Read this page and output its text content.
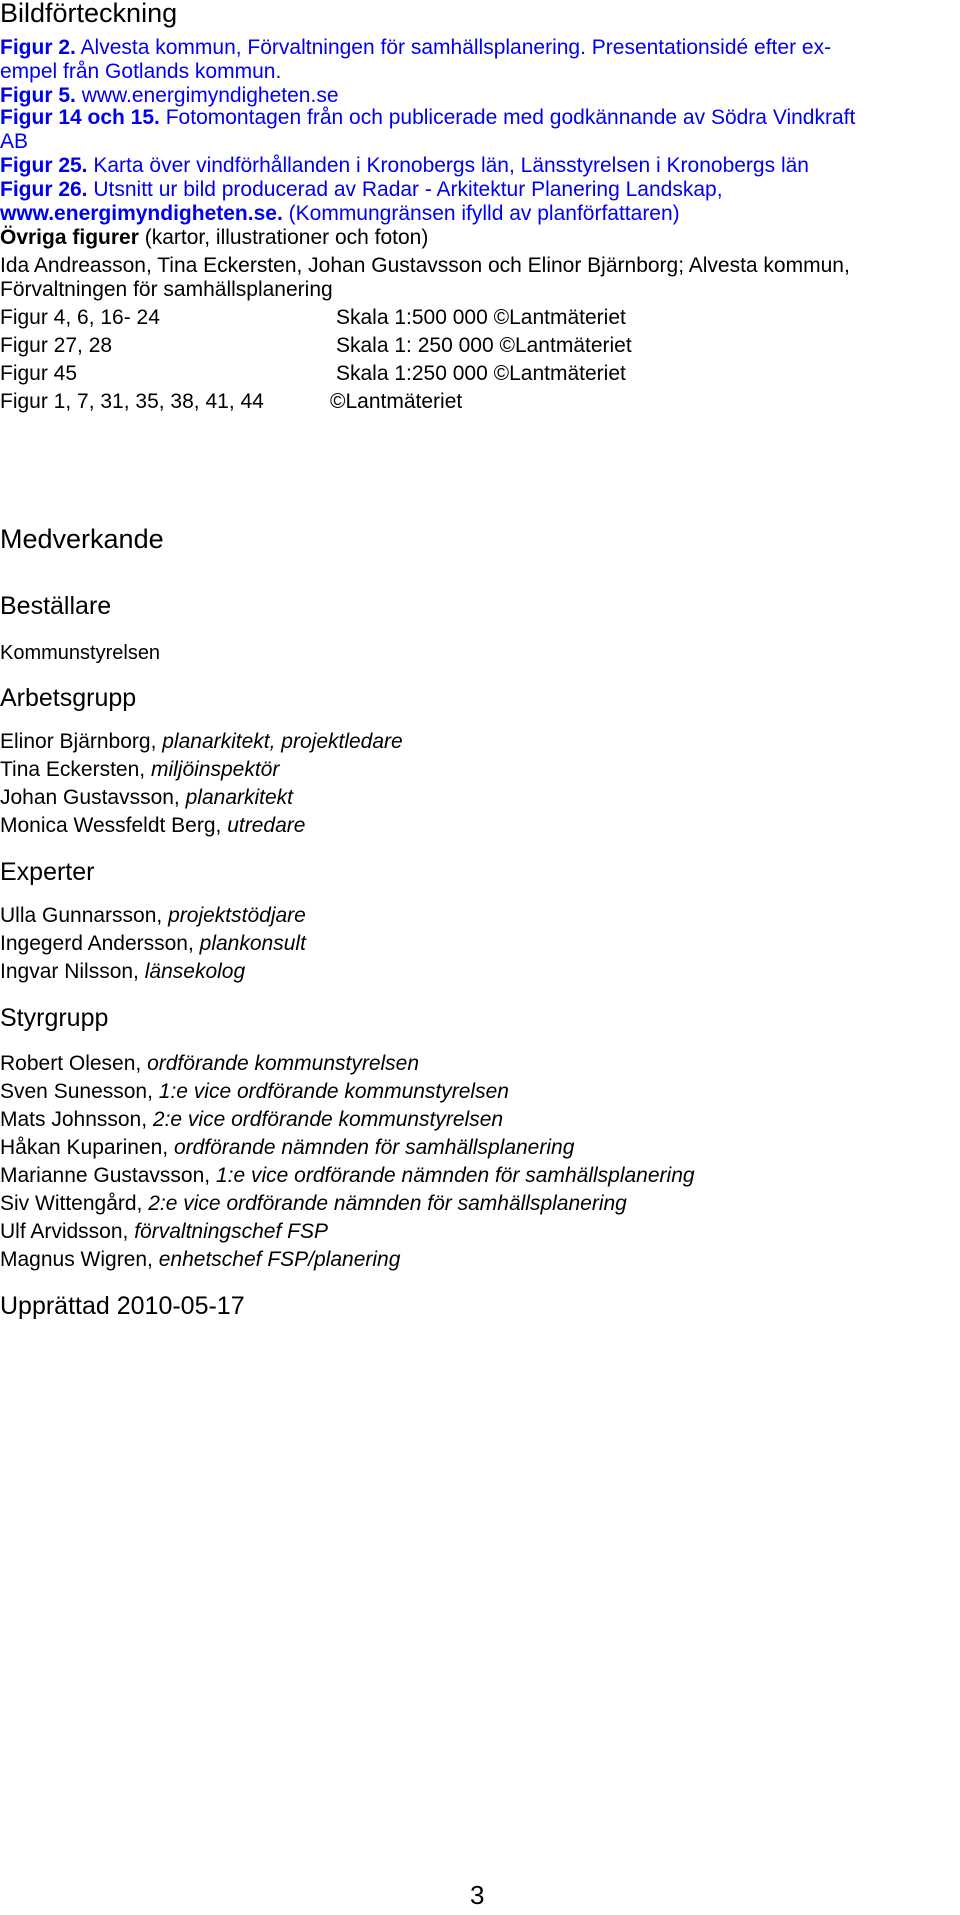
Bildförteckning
Figur 2. Alvesta kommun, Förvaltningen för samhällsplanering. Presentationsidé efter ex-
empel från Gotlands kommun.
Figur 5. www.energimyndigheten.se
Figur 14 och 15. Fotomontagen från och publicerade med godkännande av Södra Vindkraft
AB
Figur 25. Karta över vindförhållanden i Kronobergs län, Länsstyrelsen i Kronobergs län
Figur 26. Utsnitt ur bild producerad av Radar - Arkitektur Planering Landskap,
www.energimyndigheten.se. (Kommungränsen ifylld av planförfattaren)
Övriga figurer (kartor, illustrationer och foton)
Ida Andreasson, Tina Eckersten, Johan Gustavsson och Elinor Bjärnborg; Alvesta kommun,
Förvaltningen för samhällsplanering
Figur 4, 6, 16- 24	Skala 1:500 000 ©Lantmäteriet
Figur 27, 28	Skala 1: 250 000 ©Lantmäteriet
Figur 45	Skala 1:250 000 ©Lantmäteriet
Figur 1, 7, 31, 35, 38, 41, 44	©Lantmäteriet
Medverkande
Beställare
Kommunstyrelsen
Arbetsgrupp
Elinor Bjärnborg, planarkitekt, projektledare
Tina Eckersten, miljöinspektör
Johan Gustavsson, planarkitekt
Monica Wessfeldt Berg, utredare
Experter
Ulla Gunnarsson, projektstödjare
Ingegerd Andersson, plankonsult
Ingvar Nilsson, länsekolog
Styrgrupp
Robert Olesen, ordförande kommunstyrelsen
Sven Sunesson, 1:e vice ordförande kommunstyrelsen
Mats Johnsson, 2:e vice ordförande kommunstyrelsen
Håkan Kuparinen, ordförande nämnden för samhällsplanering
Marianne Gustavsson, 1:e vice ordförande nämnden för samhällsplanering
Siv Wittengård, 2:e vice ordförande nämnden för samhällsplanering
Ulf Arvidsson, förvaltningschef FSP
Magnus Wigren, enhetschef FSP/planering
Upprättad 2010-05-17
3
